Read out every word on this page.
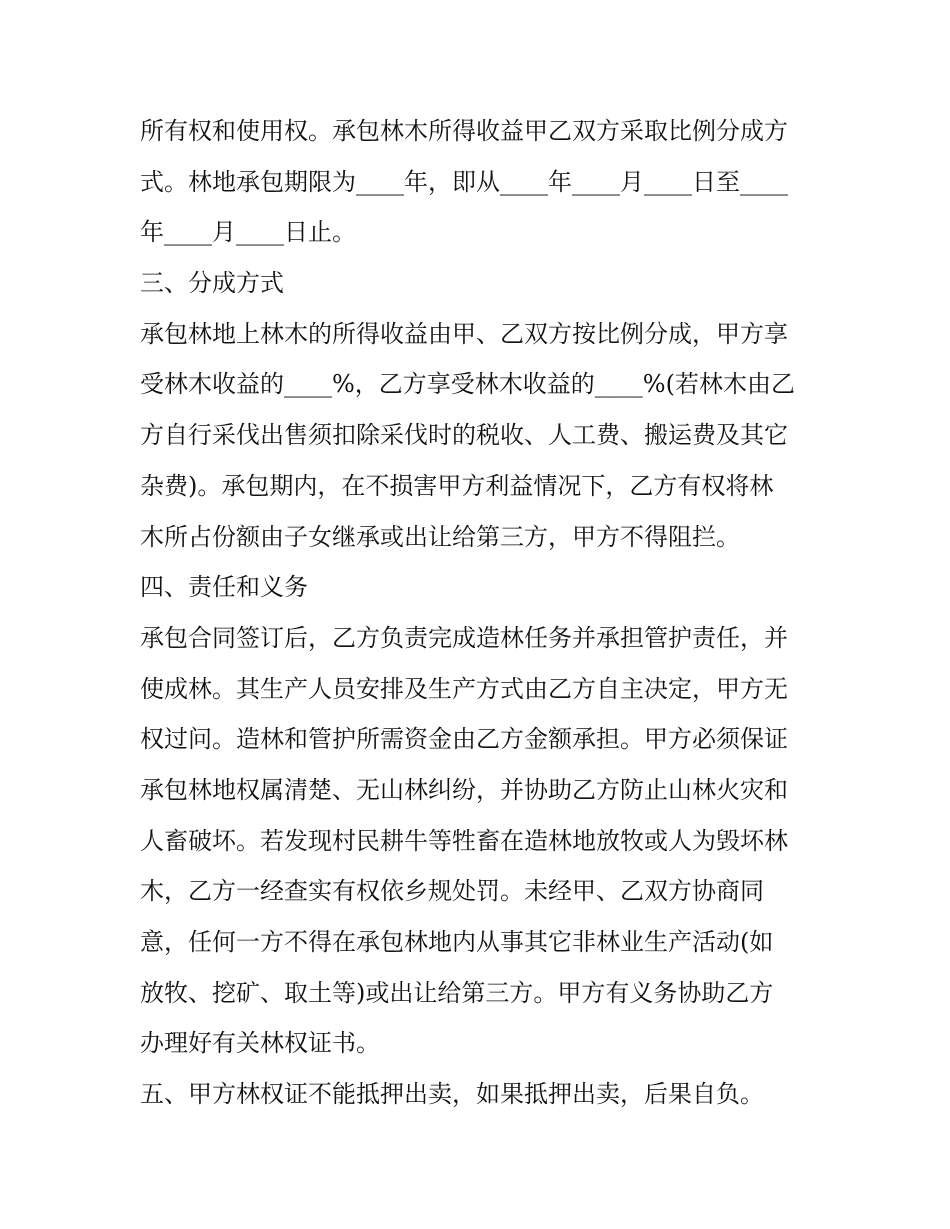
所有权和使用权。承包林木所得收益甲乙双方采取比例分成方
式。林地承包期限为____年，即从____年____月____日至____
年____月____日止。
三、分成方式
承包林地上林木的所得收益由甲、乙双方按比例分成，甲方享
受林木收益的____%，乙方享受林木收益的____%(若林木由乙
方自行采伐出售须扣除采伐时的税收、人工费、搬运费及其它
杂费)。承包期内，在不损害甲方利益情况下，乙方有权将林
木所占份额由子女继承或出让给第三方，甲方不得阻拦。
四、责任和义务
承包合同签订后，乙方负责完成造林任务并承担管护责任，并
使成林。其生产人员安排及生产方式由乙方自主决定，甲方无
权过问。造林和管护所需资金由乙方金额承担。甲方必须保证
承包林地权属清楚、无山林纠纷，并协助乙方防止山林火灾和
人畜破坏。若发现村民耕牛等牲畜在造林地放牧或人为毁坏林
木，乙方一经查实有权依乡规处罚。未经甲、乙双方协商同
意，任何一方不得在承包林地内从事其它非林业生产活动(如
放牧、挖矿、取土等)或出让给第三方。甲方有义务协助乙方
办理好有关林权证书。
五、甲方林权证不能抵押出卖，如果抵押出卖，后果自负。
